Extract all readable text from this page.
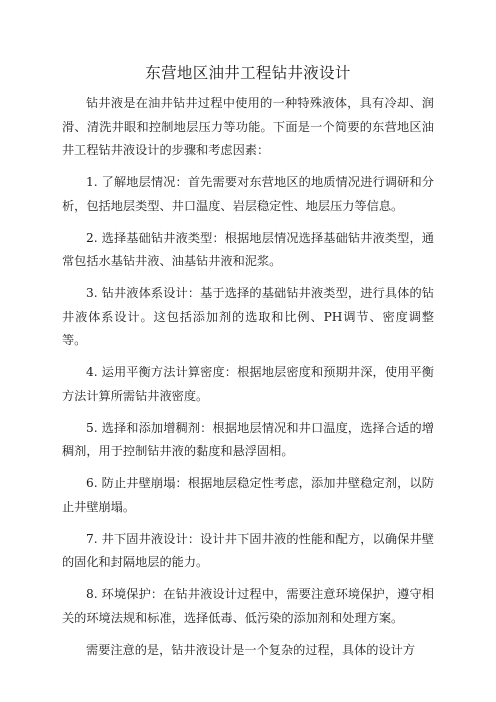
东营地区油井工程钻井液设计

钻井液是在油井钻井过程中使用的一种特殊液体，具有冷却、润滑、清洗井眼和控制地层压力等功能。下面是一个简要的东营地区油井工程钻井液设计的步骤和考虑因素：

1. 了解地层情况：首先需要对东营地区的地质情况进行调研和分析，包括地层类型、井口温度、岩层稳定性、地层压力等信息。

2. 选择基础钻井液类型：根据地层情况选择基础钻井液类型，通常包括水基钻井液、油基钻井液和泥浆。

3. 钻井液体系设计：基于选择的基础钻井液类型，进行具体的钻井液体系设计。这包括添加剂的选取和比例、PH调节、密度调整等。

4. 运用平衡方法计算密度：根据地层密度和预期井深，使用平衡方法计算所需钻井液密度。

5. 选择和添加增稠剂：根据地层情况和井口温度，选择合适的增稠剂，用于控制钻井液的黏度和悬浮固相。

6. 防止井壁崩塌：根据地层稳定性考虑，添加井壁稳定剂，以防止井壁崩塌。

7. 井下固井液设计：设计井下固井液的性能和配方，以确保井壁的固化和封隔地层的能力。

8. 环境保护：在钻井液设计过程中，需要注意环境保护，遵守相关的环境法规和标准，选择低毒、低污染的添加剂和处理方案。

需要注意的是，钻井液设计是一个复杂的过程，具体的设计方
